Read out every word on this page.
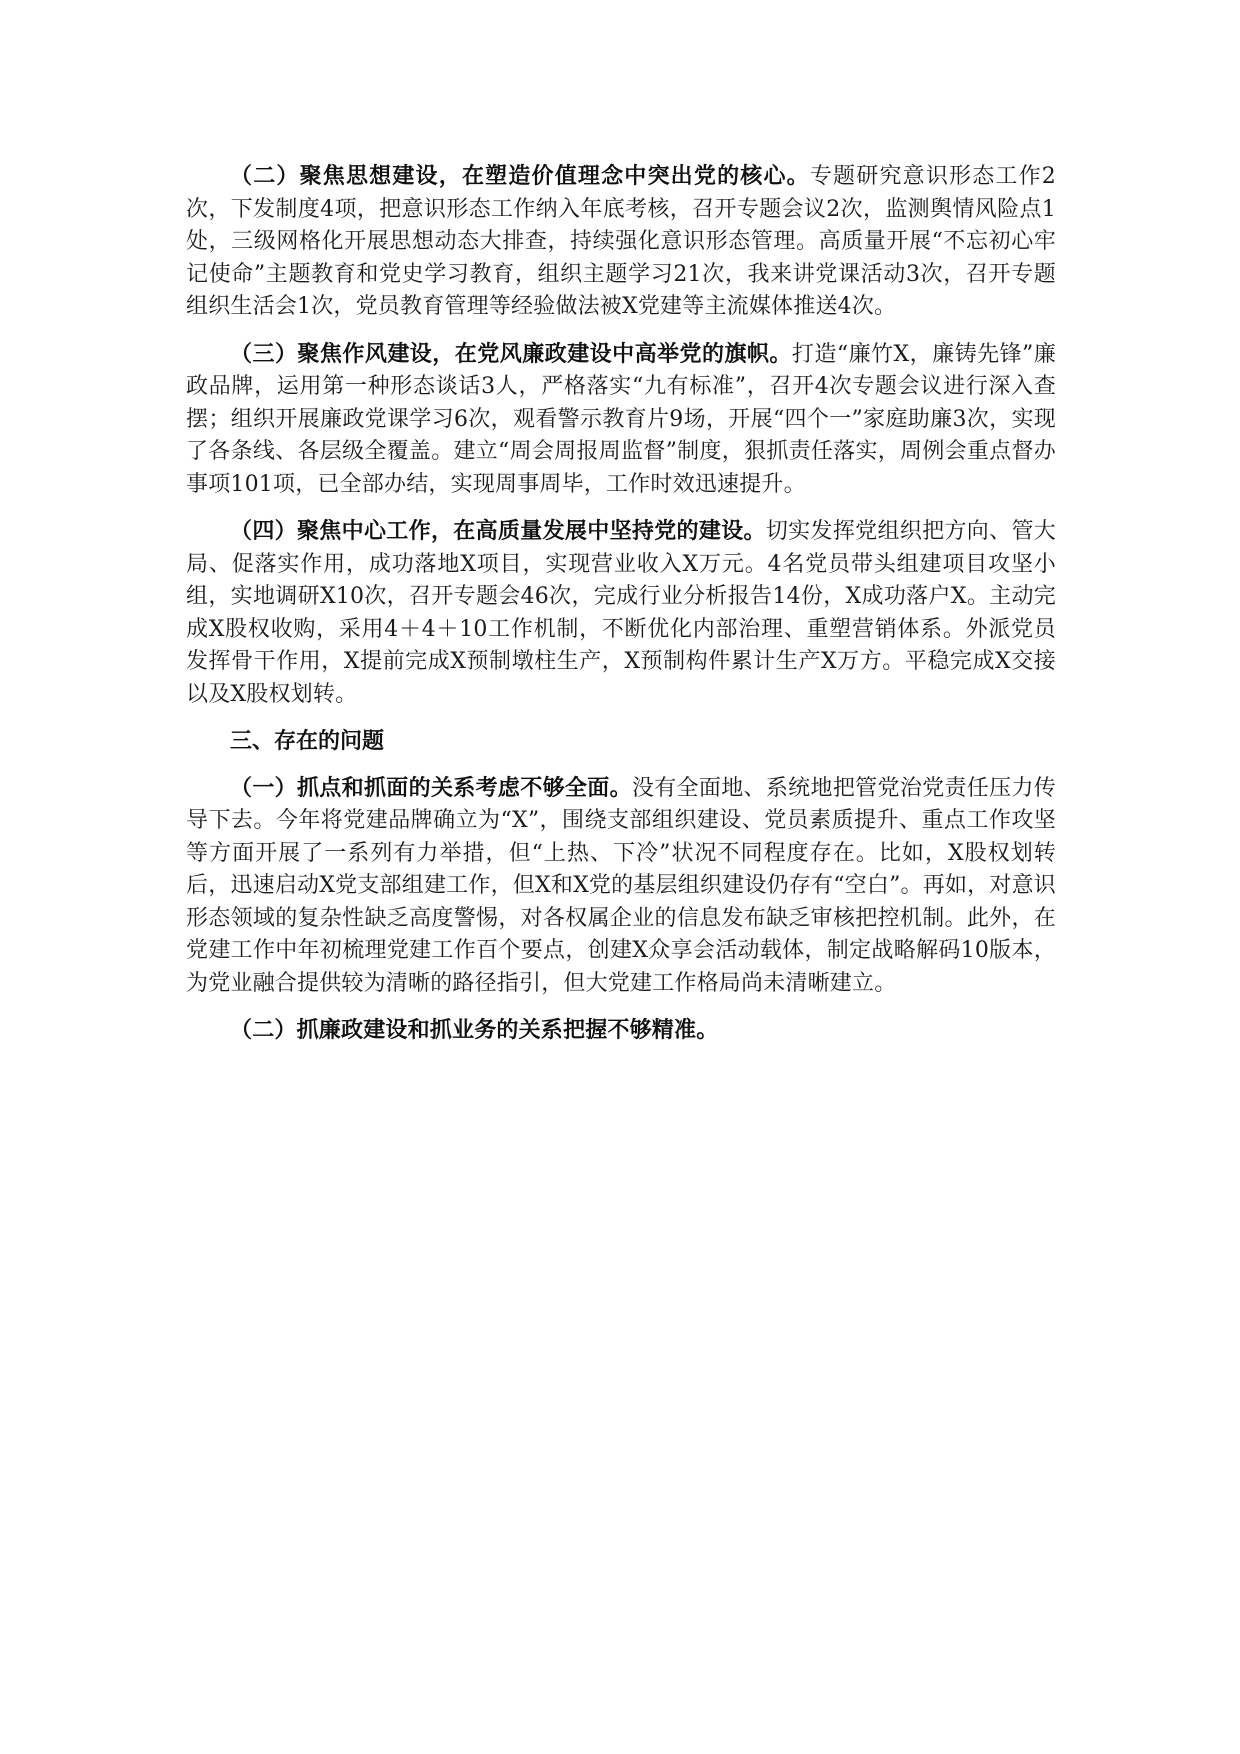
（二）聚焦思想建设，在塑造价值理念中突出党的核心。专题研究意识形态工作2次，下发制度4项，把意识形态工作纳入年底考核，召开专题会议2次，监测舆情风险点1处，三级网格化开展思想动态大排查，持续强化意识形态管理。高质量开展“不忘初心牢记使命”主题教育和党史学习教育，组织主题学习21次，我来讲党课活动3次，召开专题组织生活会1次，党员教育管理等经验做法被X党建等主流媒体推送4次。

（三）聚焦作风建设，在党风廉政建设中高举党的旗帜。打造“廉竹X，廉铸先锋”廉政品牌，运用第一种形态谈话3人，严格落实“九有标准”，召开4次专题会议进行深入查摆；组织开展廉政党课学习6次，观看警示教育片9场，开展“四个一”家庭助廉3次，实现了各条线、各层级全覆盖。建立“周会周报周监督”制度，狠抓责任落实，周例会重点督办事项101项，已全部办结，实现周事周毕，工作时效迅速提升。

（四）聚焦中心工作，在高质量发展中坚持党的建设。切实发挥党组织把方向、管大局、促落实作用，成功落地X项目，实现营业收入X万元。4名党员带头组建项目攻坚小组，实地调研X10次，召开专题会46次，完成行业分析报告14份，X成功落户X。主动完成X股权收购，采用4＋4＋10工作机制，不断优化内部治理、重塑营销体系。外派党员发挥骨干作用，X提前完成X预制墩柱生产，X预制构件累计生产X万方。平稳完成X交接以及X股权划转。

三、存在的问题

（一）抓点和抓面的关系考虑不够全面。没有全面地、系统地把管党治党责任压力传导下去。今年将党建品牌确立为“X”，围绕支部组织建设、党员素质提升、重点工作攻坚等方面开展了一系列有力举措，但“上热、下冷”状况不同程度存在。比如，X股权划转后，迅速启动X党支部组建工作，但X和X党的基层组织建设仍存有“空白”。再如，对意识形态领域的复杂性缺乏高度警惕，对各权属企业的信息发布缺乏审核把控机制。此外，在党建工作中年初梳理党建工作百个要点，创建X众享会活动载体，制定战略解码10版本，为党业融合提供较为清晰的路径指引，但大党建工作格局尚未清晰建立。

（二）抓廉政建设和抓业务的关系把握不够精准。
